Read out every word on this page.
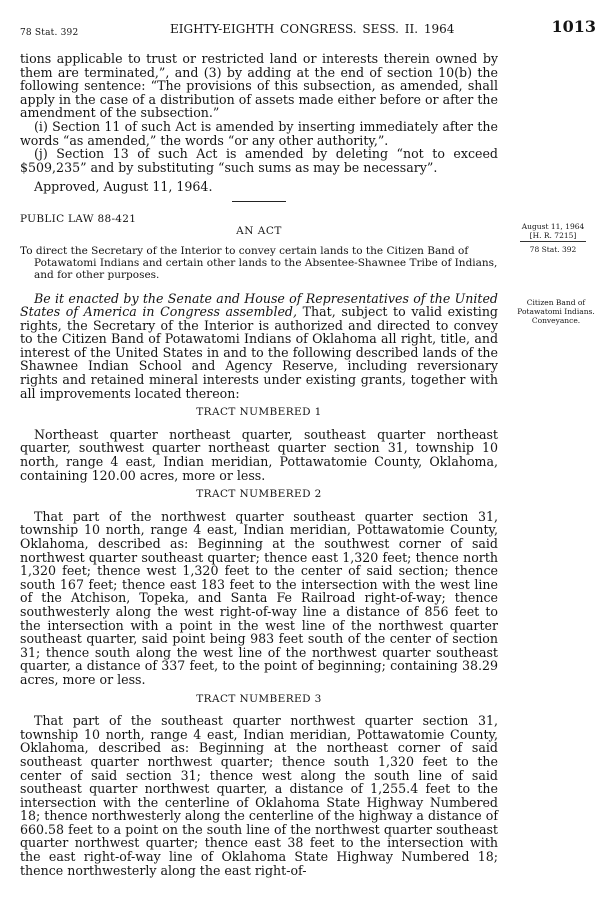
78 Stat. 392	EIGHTY-EIGHTH CONGRESS. SESS. II. 1964	1013

tions applicable to trust or restricted land or interests therein owned by them are terminated,”, and (3) by adding at the end of section 10(b) the following sentence: “The provisions of this subsection, as amended, shall apply in the case of a distribution of assets made either before or after the amendment of the subsection.”

(i) Section 11 of such Act is amended by inserting immediately after the words “as amended,” the words “or any other authority,”.

(j) Section 13 of such Act is amended by deleting “not to exceed $509,235” and by substituting “such sums as may be necessary”.

Approved, August 11, 1964.

PUBLIC LAW 88-421

AN ACT

To direct the Secretary of the Interior to convey certain lands to the Citizen Band of Potawatomi Indians and certain other lands to the Absentee-Shawnee Tribe of Indians, and for other purposes.

Be it enacted by the Senate and House of Representatives of the United States of America in Congress assembled, That, subject to valid existing rights, the Secretary of the Interior is authorized and directed to convey to the Citizen Band of Potawatomi Indians of Oklahoma all right, title, and interest of the United States in and to the following described lands of the Shawnee Indian School and Agency Reserve, including reversionary rights and retained mineral interests under existing grants, together with all improvements located thereon:

TRACT NUMBERED 1

Northeast quarter northeast quarter, southeast quarter northeast quarter, southwest quarter northeast quarter section 31, township 10 north, range 4 east, Indian meridian, Pottawatomie County, Oklahoma, containing 120.00 acres, more or less.

TRACT NUMBERED 2

That part of the northwest quarter southeast quarter section 31, township 10 north, range 4 east, Indian meridian, Pottawatomie County, Oklahoma, described as: Beginning at the southwest corner of said northwest quarter southeast quarter; thence east 1,320 feet; thence north 1,320 feet; thence west 1,320 feet to the center of said section; thence south 167 feet; thence east 183 feet to the intersection with the west line of the Atchison, Topeka, and Santa Fe Railroad right-of-way; thence southwesterly along the west right-of-way line a distance of 856 feet to the intersection with a point in the west line of the northwest quarter southeast quarter, said point being 983 feet south of the center of section 31; thence south along the west line of the northwest quarter southeast quarter, a distance of 337 feet, to the point of beginning; containing 38.29 acres, more or less.

TRACT NUMBERED 3

That part of the southeast quarter northwest quarter section 31, township 10 north, range 4 east, Indian meridian, Pottawatomie County, Oklahoma, described as: Beginning at the northeast corner of said southeast quarter northwest quarter; thence south 1,320 feet to the center of said section 31; thence west along the south line of said southeast quarter northwest quarter, a distance of 1,255.4 feet to the intersection with the centerline of Oklahoma State Highway Numbered 18; thence northwesterly along the centerline of the highway a distance of 660.58 feet to a point on the south line of the northwest quarter southeast quarter northwest quarter; thence east 38 feet to the intersection with the east right-of-way line of Oklahoma State Highway Numbered 18; thence northwesterly along the east right-of-

August 11, 1964
[H. R. 7215]
78 Stat. 392
Citizen Band of Potawatomi Indians.
Conveyance.
